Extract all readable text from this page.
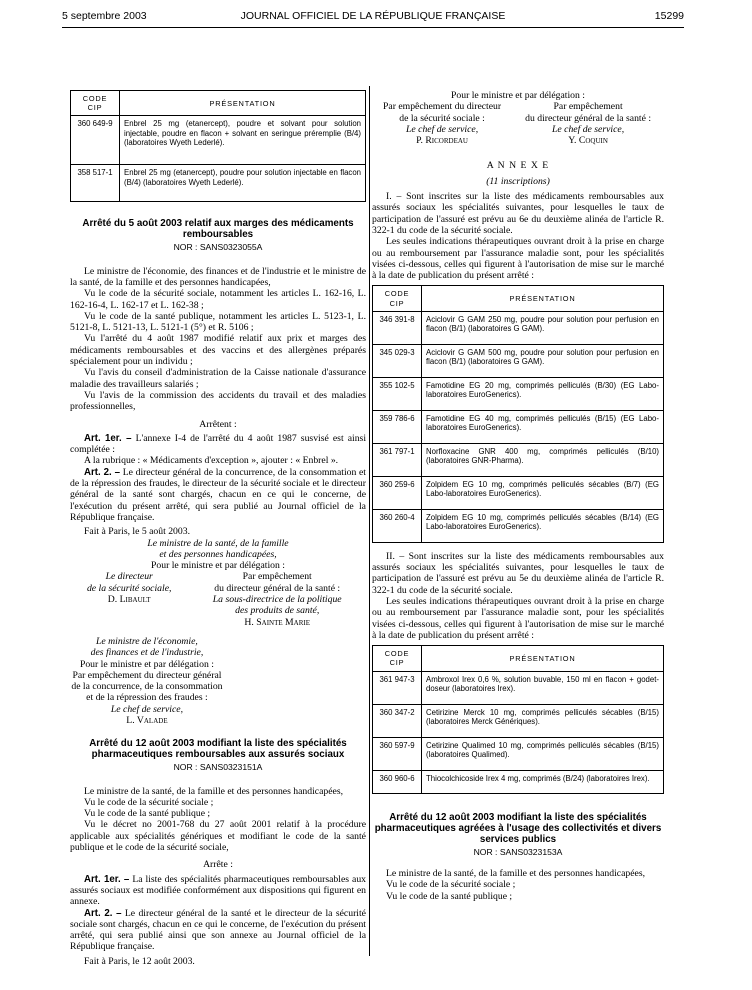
5 septembre 2003	JOURNAL OFFICIEL DE LA RÉPUBLIQUE FRANÇAISE	15299
CODE CIP	PRÉSENTATION
360 649-9	Enbrel 25 mg (etanercept), poudre et solvant pour solution injectable, poudre en flacon + solvant en seringue préremplie (B/4) (laboratoires Wyeth Lederlé).
358 517-1	Enbrel 25 mg (etanercept), poudre pour solution injectable en flacon (B/4) (laboratoires Wyeth Lederlé).
Arrêté du 5 août 2003 relatif aux marges des médicaments remboursables
NOR : SANS0323055A

Le ministre de l'économie, des finances et de l'industrie et le ministre de la santé, de la famille et des personnes handicapées,

Vu le code de la sécurité sociale, notamment les articles L. 162-16, L. 162-16-4, L. 162-17 et L. 162-38 ;

Vu le code de la santé publique, notamment les articles L. 5123-1, L. 5121-8, L. 5121-13, L. 5121-1 (5°) et R. 5106 ;

Vu l'arrêté du 4 août 1987 modifié relatif aux prix et marges des médicaments remboursables et des vaccins et des allergènes préparés spécialement pour un individu ;

Vu l'avis du conseil d'administration de la Caisse nationale d'assurance maladie des travailleurs salariés ;

Vu l'avis de la commission des accidents du travail et des maladies professionnelles,

Arrêtent :

Art. 1er. – L'annexe I-4 de l'arrêté du 4 août 1987 susvisé est ainsi complétée :

A la rubrique : « Médicaments d'exception », ajouter : « Enbrel ».

Art. 2. – Le directeur général de la concurrence, de la consommation et de la répression des fraudes, le directeur de la sécurité sociale et le directeur général de la santé sont chargés, chacun en ce qui le concerne, de l'exécution du présent arrêté, qui sera publié au Journal officiel de la République française.

Fait à Paris, le 5 août 2003.

Le ministre de la santé, de la famille

et des personnes handicapées,

Pour le ministre et par délégation :

Le directeur
de la sécurité sociale,
D. Libault
Par empêchement
du directeur général de la santé :
La sous-directrice de la politique
des produits de santé,
H. Sainte Marie
Le ministre de l'économie,
des finances et de l'industrie,
Pour le ministre et par délégation :
Par empêchement du directeur général
de la concurrence, de la consommation
et de la répression des fraudes :
Le chef de service,
L. Valade
Arrêté du 12 août 2003 modifiant la liste des spécialités pharmaceutiques remboursables aux assurés sociaux
NOR : SANS0323151A

Le ministre de la santé, de la famille et des personnes handicapées,

Vu le code de la sécurité sociale ;

Vu le code de la santé publique ;

Vu le décret no 2001-768 du 27 août 2001 relatif à la procédure applicable aux spécialités génériques et modifiant le code de la santé publique et le code de la sécurité sociale,

Arrête :

Art. 1er. – La liste des spécialités pharmaceutiques remboursables aux assurés sociaux est modifiée conformément aux dispositions qui figurent en annexe.

Art. 2. – Le directeur général de la santé et le directeur de la sécurité sociale sont chargés, chacun en ce qui le concerne, de l'exécution du présent arrêté, qui sera publié ainsi que son annexe au Journal officiel de la République française.

Fait à Paris, le 12 août 2003.

Pour le ministre et par délégation :

Par empêchement du directeur
de la sécurité sociale :
Le chef de service,
P. Ricordeau
Par empêchement
du directeur général de la santé :
Le chef de service,
Y. Coquin

A N N E X E

(11 inscriptions)

I. – Sont inscrites sur la liste des médicaments remboursables aux assurés sociaux les spécialités suivantes, pour lesquelles le taux de participation de l'assuré est prévu au 6e du deuxième alinéa de l'article R. 322-1 du code de la sécurité sociale.

Les seules indications thérapeutiques ouvrant droit à la prise en charge ou au remboursement par l'assurance maladie sont, pour les spécialités visées ci-dessous, celles qui figurent à l'autorisation de mise sur le marché à la date de publication du présent arrêté :

CODE CIP	PRÉSENTATION
346 391-8	Aciclovir G GAM 250 mg, poudre pour solution pour perfusion en flacon (B/1) (laboratoires G GAM).
345 029-3	Aciclovir G GAM 500 mg, poudre pour solution pour perfusion en flacon (B/1) (laboratoires G GAM).
355 102-5	Famotidine EG 20 mg, comprimés pelliculés (B/30) (EG Labo-laboratoires EuroGenerics).
359 786-6	Famotidine EG 40 mg, comprimés pelliculés (B/15) (EG Labo-laboratoires EuroGenerics).
361 797-1	Norfloxacine GNR 400 mg, comprimés pelliculés (B/10) (laboratoires GNR-Pharma).
360 259-6	Zolpidem EG 10 mg, comprimés pelliculés sécables (B/7) (EG Labo-laboratoires EuroGenerics).
360 260-4	Zolpidem EG 10 mg, comprimés pelliculés sécables (B/14) (EG Labo-laboratoires EuroGenerics).

II. – Sont inscrites sur la liste des médicaments remboursables aux assurés sociaux les spécialités suivantes, pour lesquelles le taux de participation de l'assuré est prévu au 5e du deuxième alinéa de l'article R. 322-1 du code de la sécurité sociale.

Les seules indications thérapeutiques ouvrant droit à la prise en charge ou au remboursement par l'assurance maladie sont, pour les spécialités visées ci-dessous, celles qui figurent à l'autorisation de mise sur le marché à la date de publication du présent arrêté :

CODE CIP	PRÉSENTATION
361 947-3	Ambroxol Irex 0,6 %, solution buvable, 150 ml en flacon + godet-doseur (laboratoires Irex).
360 347-2	Cetirizine Merck 10 mg, comprimés pelliculés sécables (B/15) (laboratoires Merck Génériques).
360 597-9	Cetirizine Qualimed 10 mg, comprimés pelliculés sécables (B/15) (laboratoires Qualimed).
360 960-6	Thiocolchicoside Irex 4 mg, comprimés (B/24) (laboratoires Irex).
Arrêté du 12 août 2003 modifiant la liste des spécialités pharmaceutiques agréées à l'usage des collectivités et divers services publics
NOR : SANS0323153A

Le ministre de la santé, de la famille et des personnes handicapées,

Vu le code de la sécurité sociale ;

Vu le code de la santé publique ;
